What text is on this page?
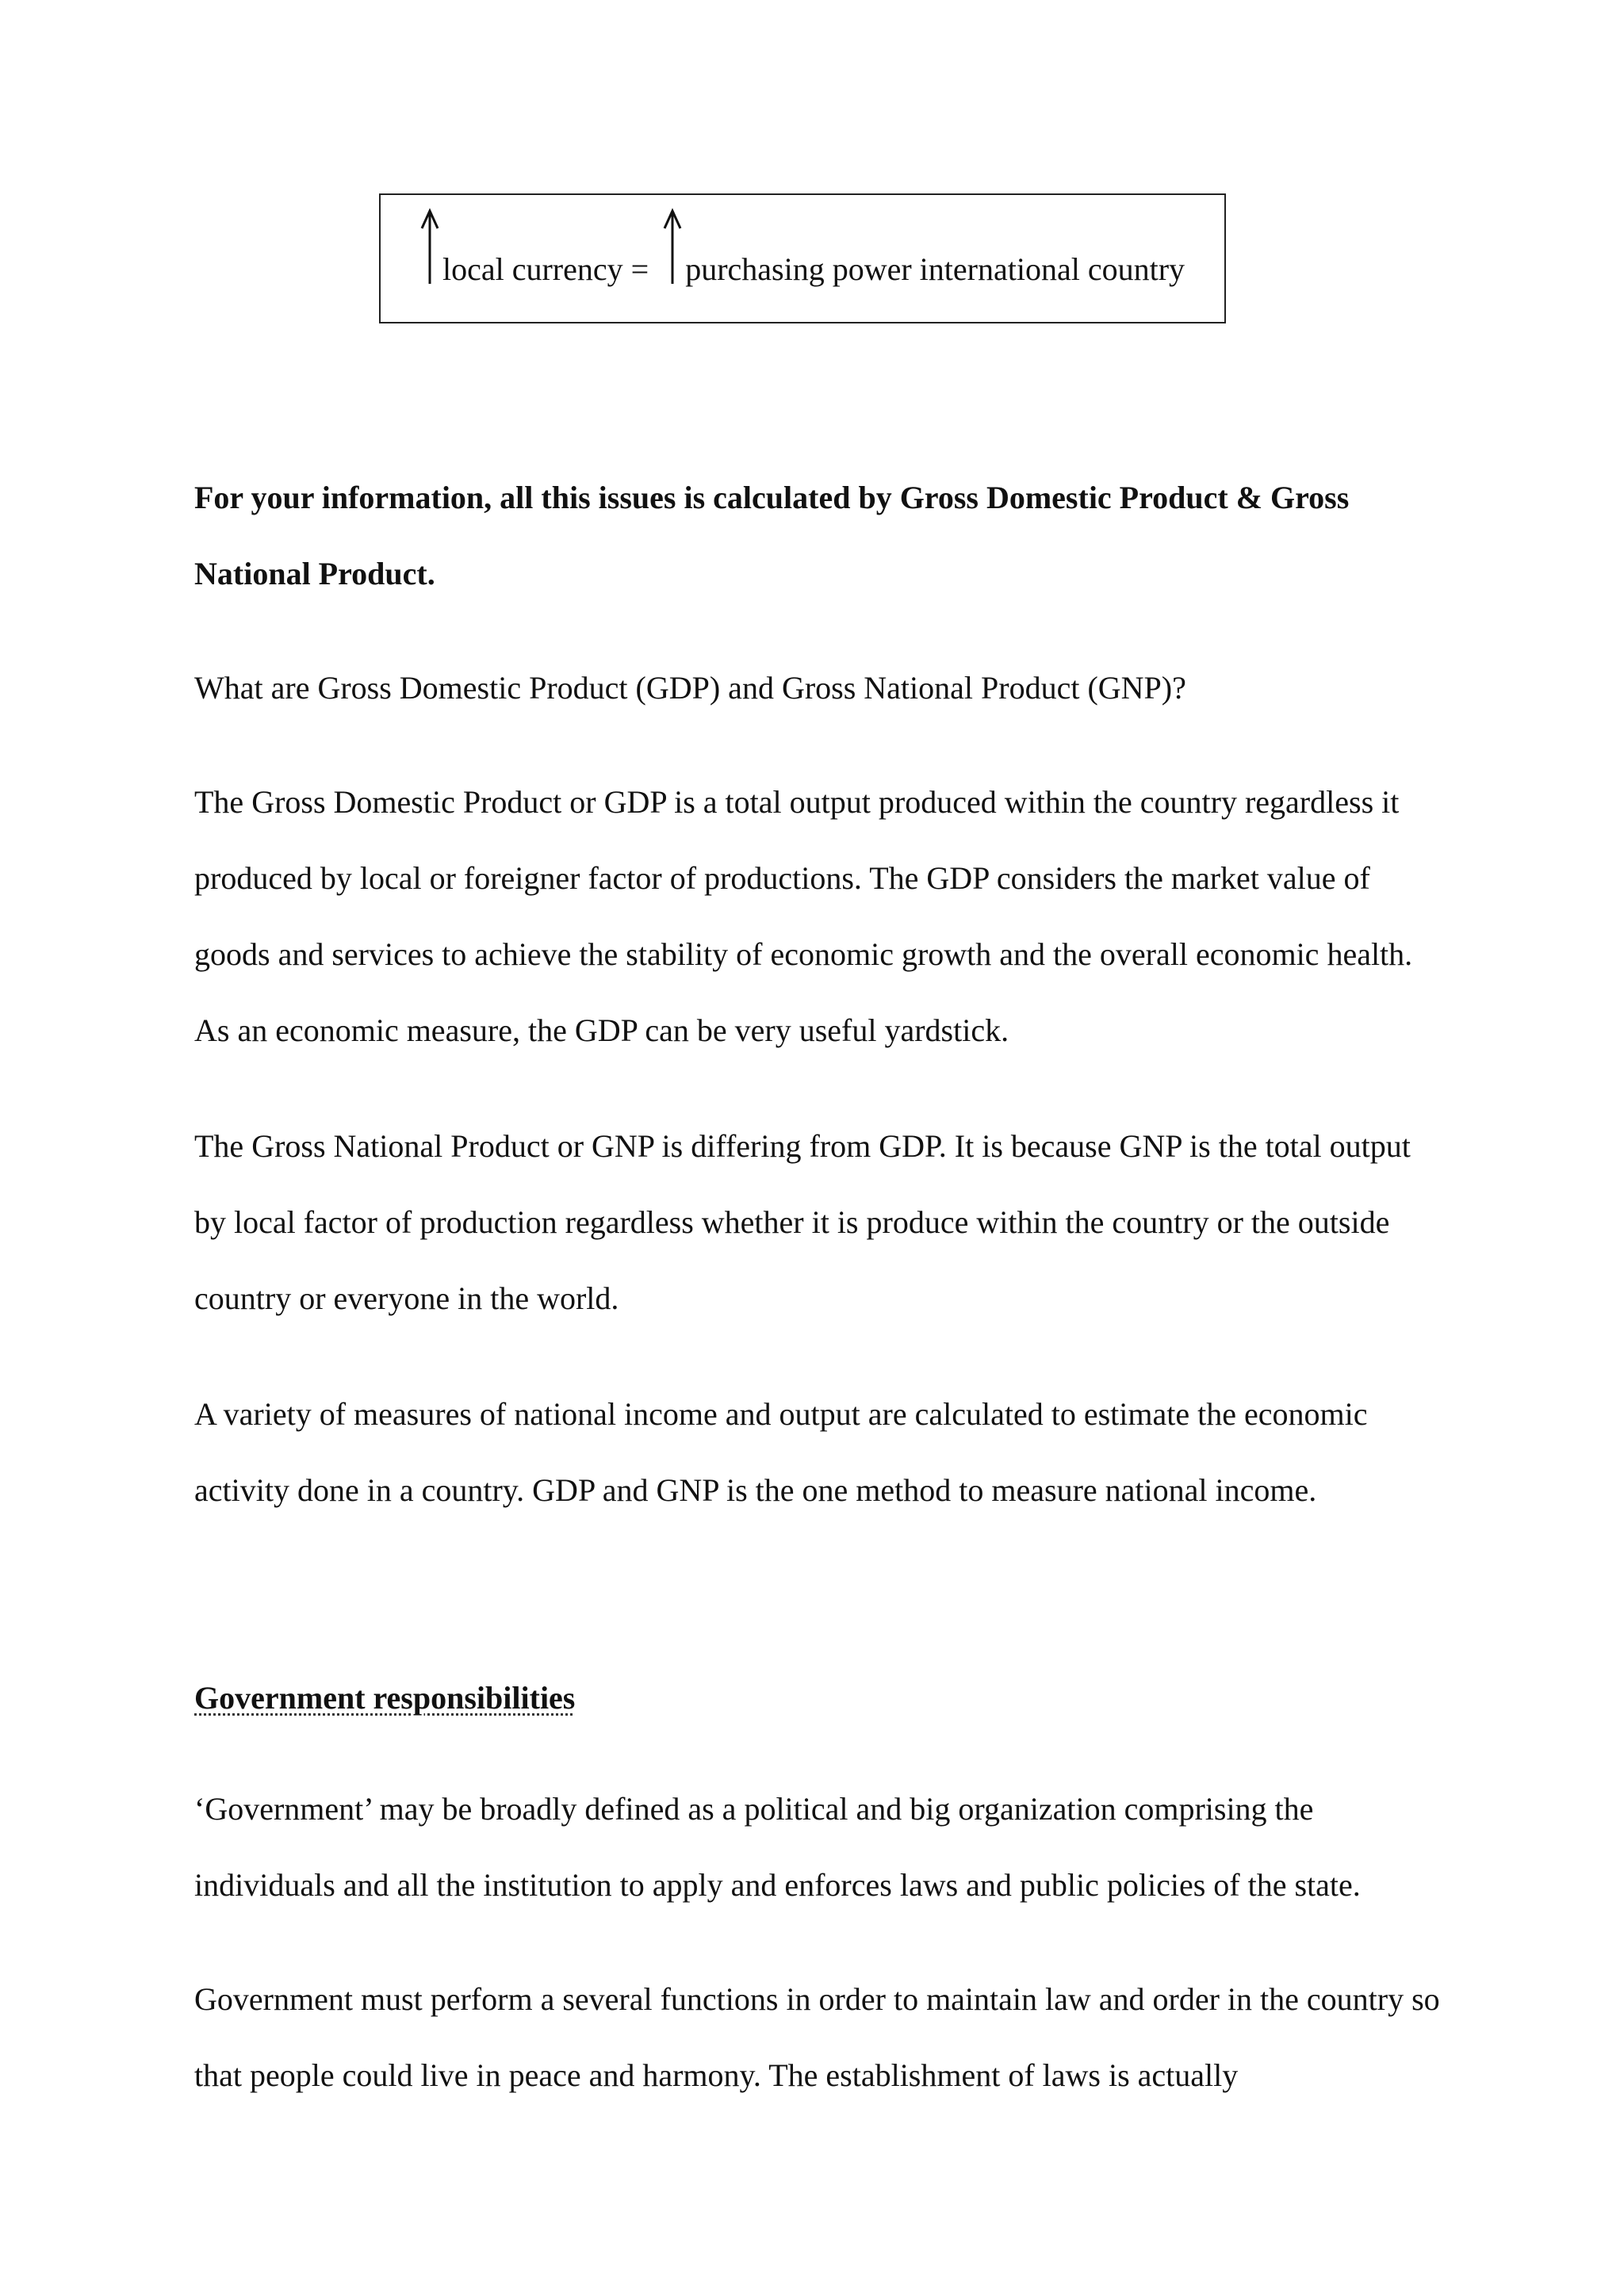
local currency = purchasing power international country

For your information, all this issues is calculated by Gross Domestic Product & Gross National Product.

What are Gross Domestic Product (GDP) and Gross National Product (GNP)?

The Gross Domestic Product or GDP is a total output produced within the country regardless it produced by local or foreigner factor of productions. The GDP considers the market value of goods and services to achieve the stability of economic growth and the overall economic health. As an economic measure, the GDP can be very useful yardstick.

The Gross National Product or GNP is differing from GDP. It is because GNP is the total output by local factor of production regardless whether it is produce within the country or the outside country or everyone in the world.

A variety of measures of national income and output are calculated to estimate the economic activity done in a country. GDP and GNP is the one method to measure national income.

Government responsibilities

‘Government’ may be broadly defined as a political and big organization comprising the individuals and all the institution to apply and enforces laws and public policies of the state.

Government must perform a several functions in order to maintain law and order in the country so that people could live in peace and harmony. The establishment of laws is actually
